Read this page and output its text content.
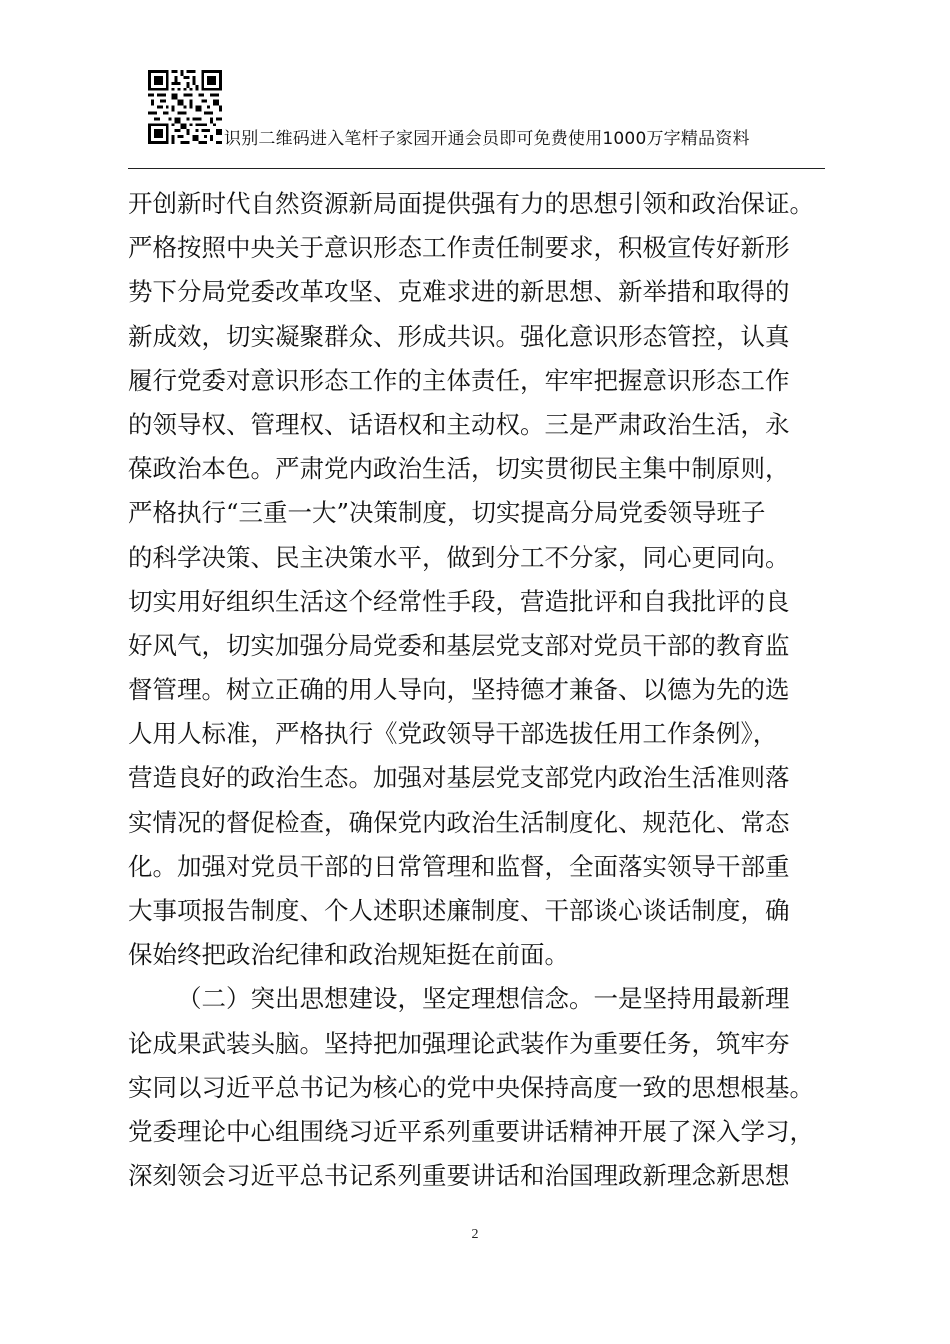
识别二维码进入笔杆子家园开通会员即可免费使用1000万字精品资料
开创新时代自然资源新局面提供强有力的思想引领和政治保证。
严格按照中央关于意识形态工作责任制要求，积极宣传好新形
势下分局党委改革攻坚、克难求进的新思想、新举措和取得的
新成效，切实凝聚群众、形成共识。强化意识形态管控，认真
履行党委对意识形态工作的主体责任，牢牢把握意识形态工作
的领导权、管理权、话语权和主动权。三是严肃政治生活，永
葆政治本色。严肃党内政治生活，切实贯彻民主集中制原则，
严格执行“三重一大”决策制度，切实提高分局党委领导班子
的科学决策、民主决策水平，做到分工不分家，同心更同向。
切实用好组织生活这个经常性手段，营造批评和自我批评的良
好风气，切实加强分局党委和基层党支部对党员干部的教育监
督管理。树立正确的用人导向，坚持德才兼备、以德为先的选
人用人标准，严格执行《党政领导干部选拔任用工作条例》，
营造良好的政治生态。加强对基层党支部党内政治生活准则落
实情况的督促检查，确保党内政治生活制度化、规范化、常态
化。加强对党员干部的日常管理和监督，全面落实领导干部重
大事项报告制度、个人述职述廉制度、干部谈心谈话制度，确
保始终把政治纪律和政治规矩挺在前面。
（二）突出思想建设，坚定理想信念。一是坚持用最新理
论成果武装头脑。坚持把加强理论武装作为重要任务，筑牢夯
实同以习近平总书记为核心的党中央保持高度一致的思想根基。
党委理论中心组围绕习近平系列重要讲话精神开展了深入学习，
深刻领会习近平总书记系列重要讲话和治国理政新理念新思想
2
